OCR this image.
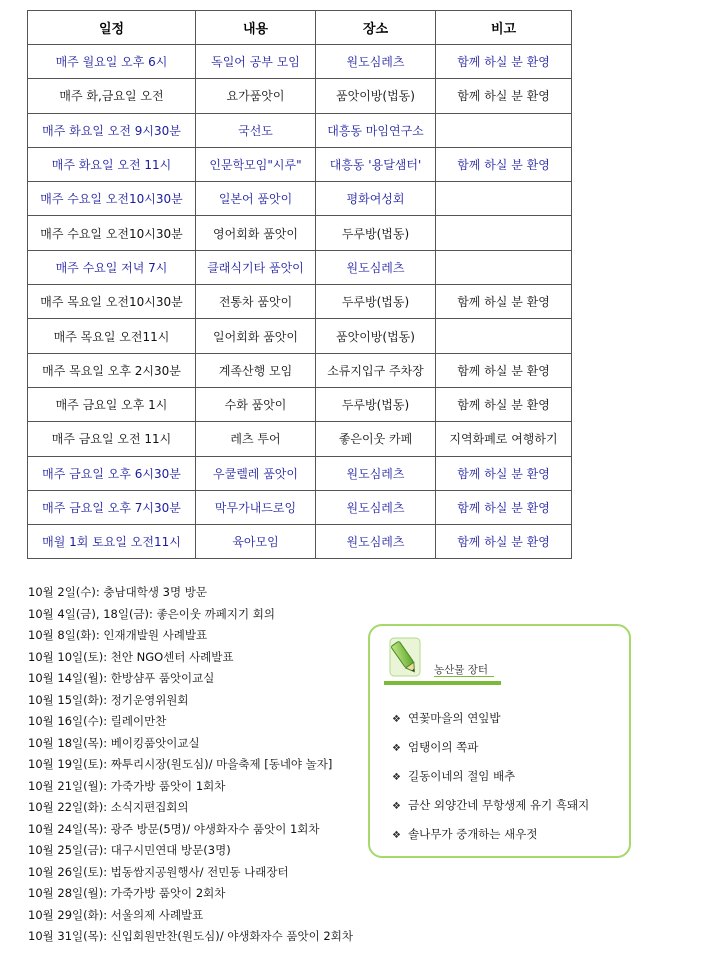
일정	내용	장소	비고
매주 월요일 오후 6시	독일어 공부 모임	원도심레츠	함께 하실 분 환영
매주 화,금요일 오전	요가품앗이	품앗이방(법동)	함께 하실 분 환영
매주 화요일 오전 9시30분	국선도	대흥동 마임연구소	
매주 화요일 오전 11시	인문학모임"시루"	대흥동 '용달샘터'	함께 하실 분 환영
매주 수요일 오전10시30분	일본어 품앗이	평화여성회	
매주 수요일 오전10시30분	영어회화 품앗이	두루방(법동)	
매주 수요일 저녁 7시	클래식기타 품앗이	원도심레츠	
매주 목요일 오전10시30분	전통차 품앗이	두루방(법동)	함께 하실 분 환영
매주 목요일 오전11시	일어회화 품앗이	품앗이방(법동)	
매주 목요일 오후 2시30분	계족산행 모임	소류지입구 주차장	함께 하실 분 환영
매주 금요일 오후 1시	수화 품앗이	두루방(법동)	함께 하실 분 환영
매주 금요일 오전 11시	레츠 투어	좋은이웃 카페	지역화폐로 여행하기
매주 금요일 오후 6시30분	우쿨렐레 품앗이	원도심레츠	함께 하실 분 환영
매주 금요일 오후 7시30분	막무가내드로잉	원도심레츠	함께 하실 분 환영
매월 1회 토요일 오전11시	육아모임	원도심레츠	함께 하실 분 환영
10월 2일(수): 충남대학생 3명 방문
10월 4일(금), 18일(금): 좋은이웃 까페지기 회의
10월 8일(화): 인재개발원 사례발표
10월 10일(토): 천안 NGO센터 사례발표
10월 14일(월): 한방샴푸 품앗이교실
10월 15일(화): 정기운영위원회
10월 16일(수): 릴레이만찬
10월 18일(목): 베이킹품앗이교실
10월 19일(토): 짜투리시장(원도심)/ 마을축제 [동네야 놀자]
10월 21일(월): 가죽가방 품앗이 1회차
10월 22일(화): 소식지편집회의
10월 24일(목): 광주 방문(5명)/ 야생화자수 품앗이 1회차
10월 25일(금): 대구시민연대 방문(3명)
10월 26일(토): 법동쌈지공원행사/ 전민동 나래장터
10월 28일(월): 가죽가방 품앗이 2회차
10월 29일(화): 서울의제 사례발표
10월 31일(목): 신입회원만찬(원도심)/ 야생화자수 품앗이 2회차
농산물 장터
❖ 연꽃마을의 연잎밥
❖ 엄탱이의 쪽파
❖ 길동이네의 절임 배추
❖ 금산 외양간네 무항생제 유기 흑돼지
❖ 솔나무가 중개하는 새우젓
